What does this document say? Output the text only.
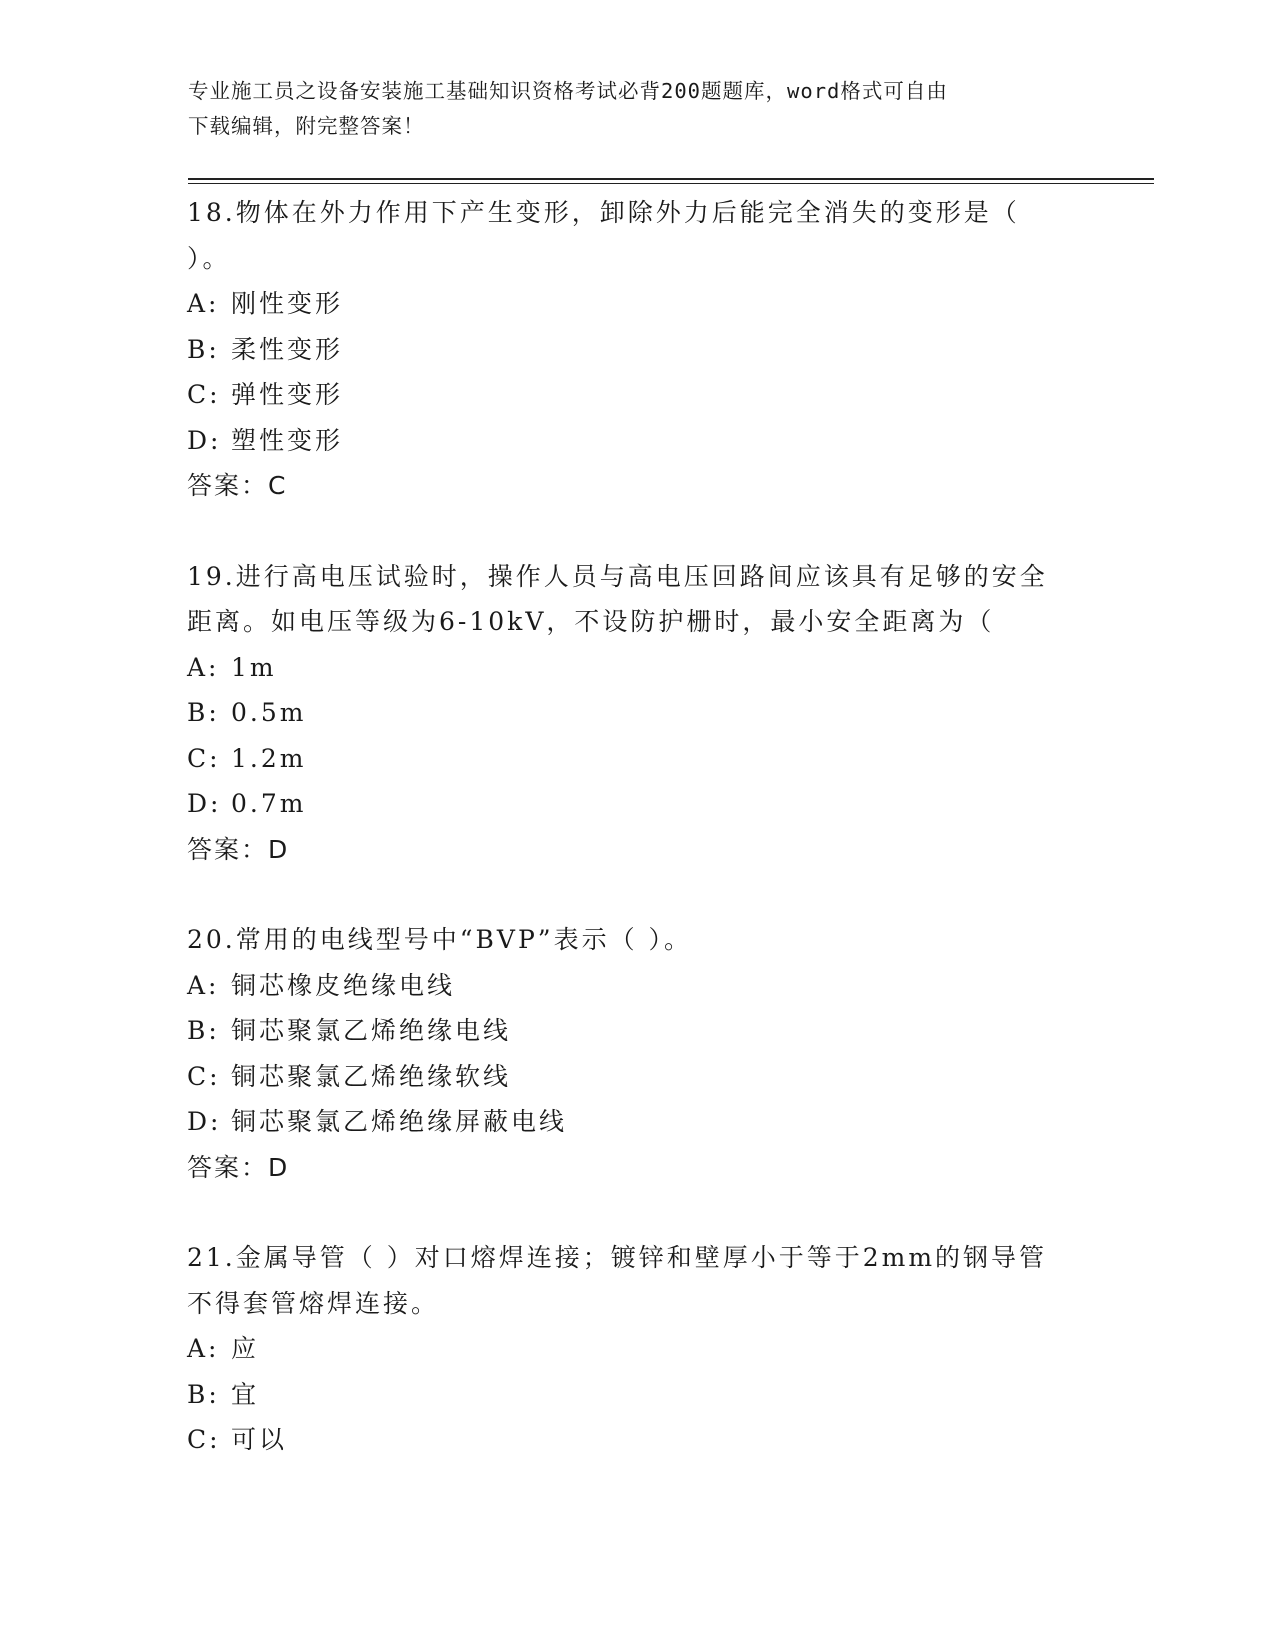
专业施工员之设备安装施工基础知识资格考试必背200题题库，word格式可自由
下载编辑，附完整答案！

18.物体在外力作用下产生变形，卸除外力后能完全消失的变形是（

）。

A: 刚性变形

B: 柔性变形

C: 弹性变形

D: 塑性变形

答案：C

19.进行高电压试验时，操作人员与高电压回路间应该具有足够的安全

距离。如电压等级为6-10kV，不设防护栅时，最小安全距离为（

A: 1m

B: 0.5m

C: 1.2m

D: 0.7m

答案：D

20.常用的电线型号中“BVP”表示（ ）。

A: 铜芯橡皮绝缘电线

B: 铜芯聚氯乙烯绝缘电线

C: 铜芯聚氯乙烯绝缘软线

D: 铜芯聚氯乙烯绝缘屏蔽电线

答案：D

21.金属导管（ ）对口熔焊连接；镀锌和壁厚小于等于2mm的钢导管

不得套管熔焊连接。

A: 应

B: 宜

C: 可以
